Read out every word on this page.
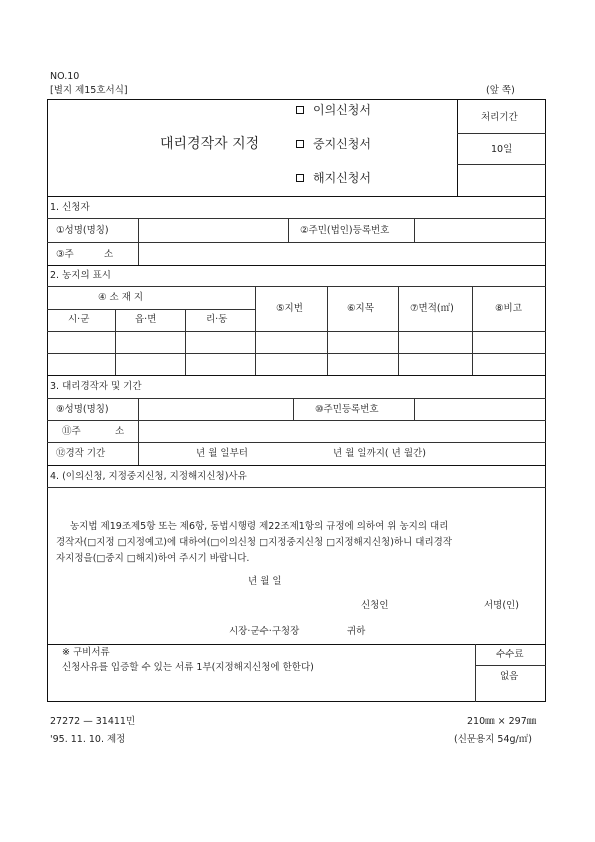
NO.10
[별지 제15호서식]	(앞 쪽)
대리경작자 지정
이의신청서
중지신청서
해지신청서
처리기간
10일
1. 신청자
①성명(명칭)	②주민(법인)등록번호
③주	소
2. 농지의 표시
④ 소 재 지
시·군	읍·면	리·동
⑤지번	⑥지목	⑦면적(㎡)	⑧비고
3. 대리경작자 및 기간
⑨성명(명칭)	⑩주민등록번호
⑪주	소
⑫경작 기간	년 월 일부터	년 월 일까지( 년 월간)
4. (이의신청, 지정중지신청, 지정해지신청)사유
농지법 제19조제5항 또는 제6항, 동법시행령 제22조제1항의 규정에 의하여 위 농지의 대리
경작자(□지정 □지정예고)에 대하여(□이의신청 □지정중지신청 □지정해지신청)하니 대리경작
자지정을(□중지 □해지)하여 주시기 바랍니다.
년 월 일
신청인	서명(인)
시장·군수·구청장	귀하
※ 구비서류
신청사유를 입증할 수 있는 서류 1부(지정해지신청에 한한다)
수수료
없음
27272 — 31411민
'95. 11. 10. 제정
210㎜ × 297㎜
(신문용지 54g/㎡)
